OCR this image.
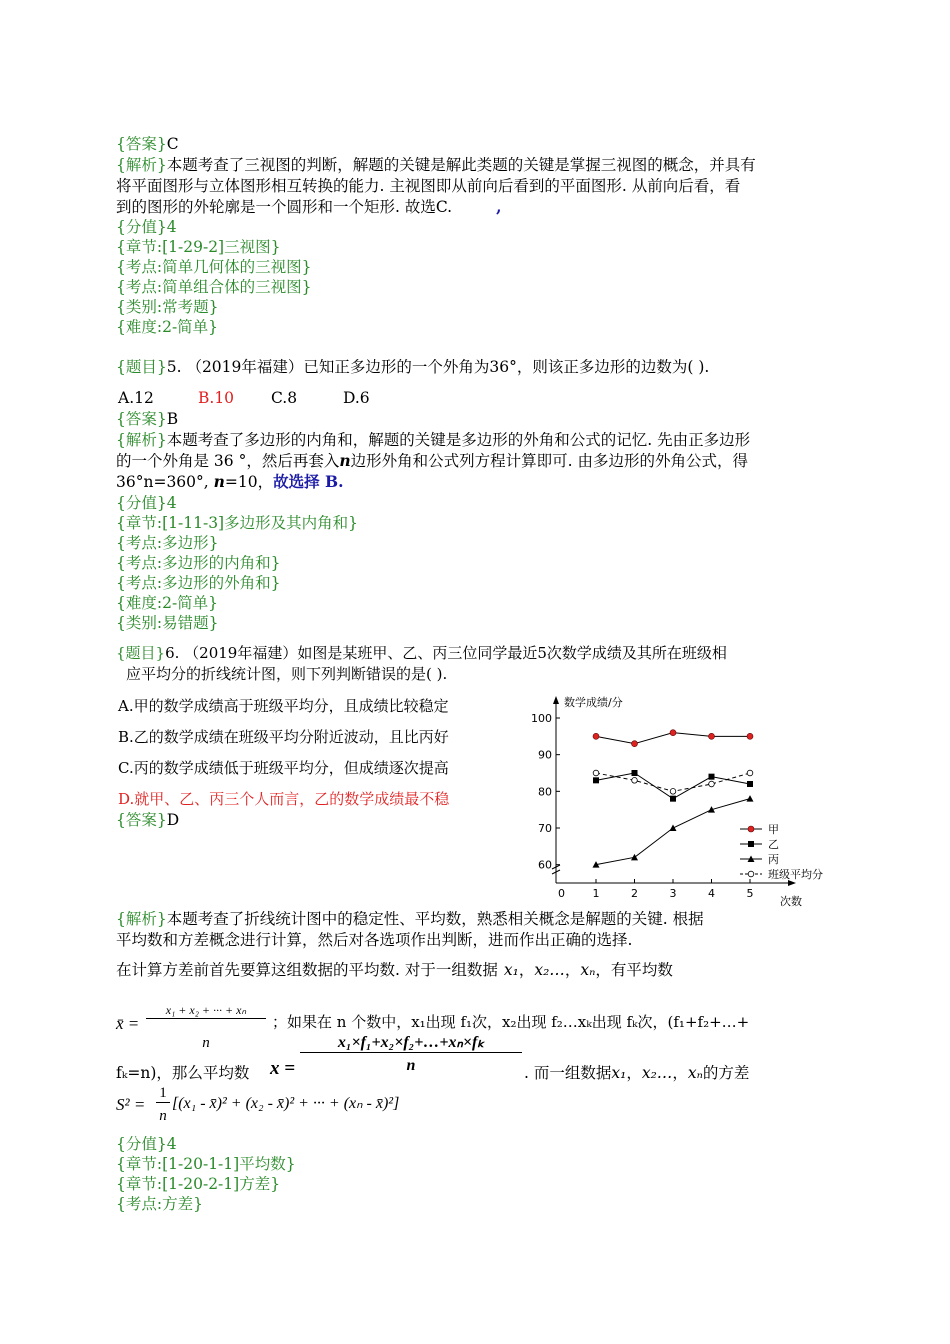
{答案}C
{解析}本题考查了三视图的判断，解题的关键是解此类题的关键是掌握三视图的概念，并具有
将平面图形与立体图形相互转换的能力. 主视图即从前向后看到的平面图形. 从前向后看，看
到的图形的外轮廓是一个圆形和一个矩形. 故选C.	,
{分值}4
{章节:[1-29-2]三视图}
{考点:简单几何体的三视图}
{考点:简单组合体的三视图}
{类别:常考题}
{难度:2-简单}
{题目}5. （2019年福建）已知正多边形的一个外角为36°，则该正多边形的边数为( ).
A.12	B.10 C.8	D.6
{答案}B
{解析}本题考查了多边形的内角和，解题的关键是多边形的外角和公式的记忆. 先由正多边形
的一个外角是 36 °，然后再套入n边形外角和公式列方程计算即可. 由多边形的外角公式，得
36°n=360°, n=10，故选择 B.
{分值}4
{章节:[1-11-3]多边形及其内角和}
{考点:多边形}
{考点:多边形的内角和}
{考点:多边形的外角和}
{难度:2-简单}
{类别:易错题}
{题目}6. （2019年福建）如图是某班甲、乙、丙三位同学最近5次数学成绩及其所在班级相
应平均分的折线统计图，则下列判断错误的是( ).
A.甲的数学成绩高于班级平均分，且成绩比较稳定
B.乙的数学成绩在班级平均分附近波动，且比丙好
C.丙的数学成绩低于班级平均分，但成绩逐次提高
D.就甲、乙、丙三个人而言，乙的数学成绩最不稳
{答案}D
数学成绩/分
次数
0
60
70
80
90
100
1	2	3	4	5
甲
乙
丙
班级平均分
{解析}本题考查了折线统计图中的稳定性、平均数，熟悉相关概念是解题的关键. 根据
平均数和方差概念进行计算，然后对各选项作出判断，进而作出正确的选择.
在计算方差前首先要算这组数据的平均数. 对于一组数据 x₁，x₂…，xₙ，有平均数
x̄ =
x₁ + x₂ + ··· + xₙ
n
；如果在 n 个数中，x₁出现 f₁次，x₂出现 f₂…xₖ出现 fₖ次，(f₁+f₂+…+
fₖ=n)，那么平均数 x =
x₁×f₁+x₂×f₂+…+xₙ×fₖ
n	. 而一组数据x₁，x₂…，xₙ的方差
S² =
1
n
[(x₁ - x̄)² + (x₂ - x̄)² + ··· + (xₙ - x̄)²]
{分值}4
{章节:[1-20-1-1]平均数}
{章节:[1-20-2-1]方差}
{考点:方差}
